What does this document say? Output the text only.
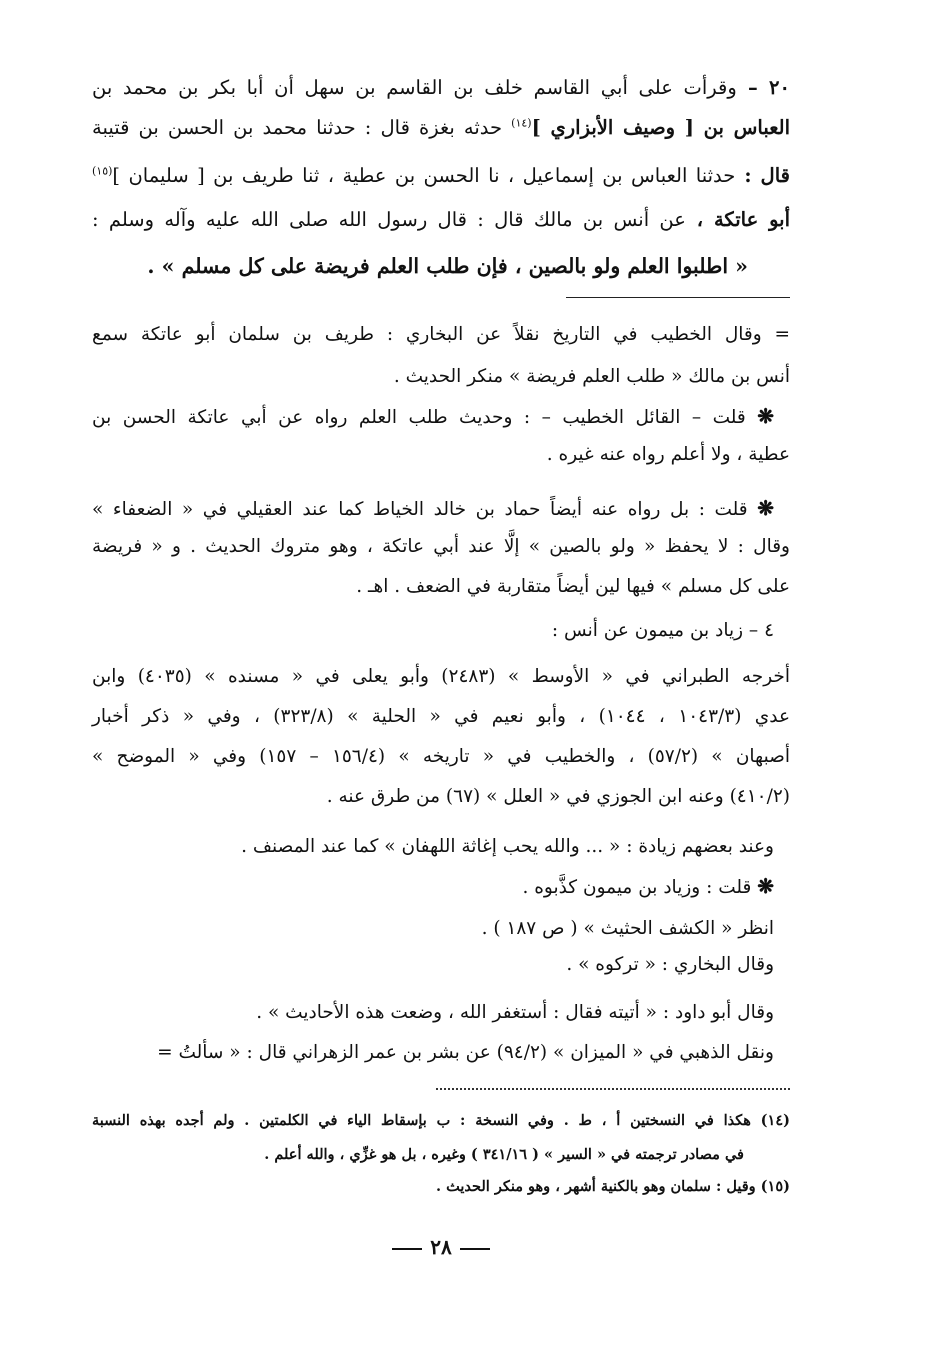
٢٠ – وقرأت على أبي القاسم خلف بن القاسم بن سهل أن أبا بكر بن محمد بن
العباس بن [ وصيف الأبزاري ]$^{(١٤)}$ حدثه بغزة قال : حدثنا محمد بن الحسن بن قتيبة
قال : حدثنا العباس بن إسماعيل ، نا الحسن بن عطية ، ثنا طريف بن [ سليمان ]$^{(١٥)}$
أبو عاتكة ، عن أنس بن مالك قال : قال رسول الله صلى الله عليه وآله وسلم :
« اطلبوا العلم ولو بالصين ، فإن طلب العلم فريضة على كل مسلم » .
= وقال الخطيب في التاريخ نقلاً عن البخاري : طريف بن سلمان أبو عاتكة سمع
أنس بن مالك « طلب العلم فريضة » منكر الحديث .
❋ قلت – القائل الخطيب – : وحديث طلب العلم رواه عن أبي عاتكة الحسن بن
عطية ، ولا أعلم رواه عنه غيره .
❋ قلت : بل رواه عنه أيضاً حماد بن خالد الخياط كما عند العقيلي في « الضعفاء »
وقال : لا يحفظ « ولو بالصين » إلَّا عند أبي عاتكة ، وهو متروك الحديث . و « فريضة
على كل مسلم » فيها لين أيضاً متقاربة في الضعف . اهـ .
٤ – زياد بن ميمون عن أنس :
أخرجه الطبراني في « الأوسط » (٢٤٨٣) وأبو يعلى في « مسنده » (٤٠٣٥) وابن
عدي (١٠٤٣/٣ ، ١٠٤٤) ، وأبو نعيم في « الحلية » (٣٢٣/٨) ، وفي « ذكر أخبار
أصبهان » (٥٧/٢) ، والخطيب في « تاريخه » (١٥٦/٤ – ١٥٧) وفي « الموضح »
(٤١٠/٢) وعنه ابن الجوزي في « العلل » (٦٧) من طرق عنه .
وعند بعضهم زيادة : « ... والله يحب إغاثة اللهفان » كما عند المصنف .
❋ قلت : وزياد بن ميمون كذَّبوه .
انظر « الكشف الحثيث » ( ص ١٨٧ ) .
وقال البخاري : « تركوه » .
وقال أبو داود : « أتيته فقال : أستغفر الله ، وضعت هذه الأحاديث » .
ونقل الذهبي في « الميزان » (٩٤/٢) عن بشر بن عمر الزهراني قال : « سألتُ =
(١٤) هكذا في النسختين أ ، ط . وفي النسخة : ب بإسقاط الياء في الكلمتين . ولم أجده بهذه النسبة
في مصادر ترجمته في « السير » ( ٣٤١/١٦ ) وغيره ، بل هو غزِّي ، والله أعلم .
(١٥) وقيل : سلمان وهو بالكنية أشهر ، وهو منكر الحديث .
٢٨
